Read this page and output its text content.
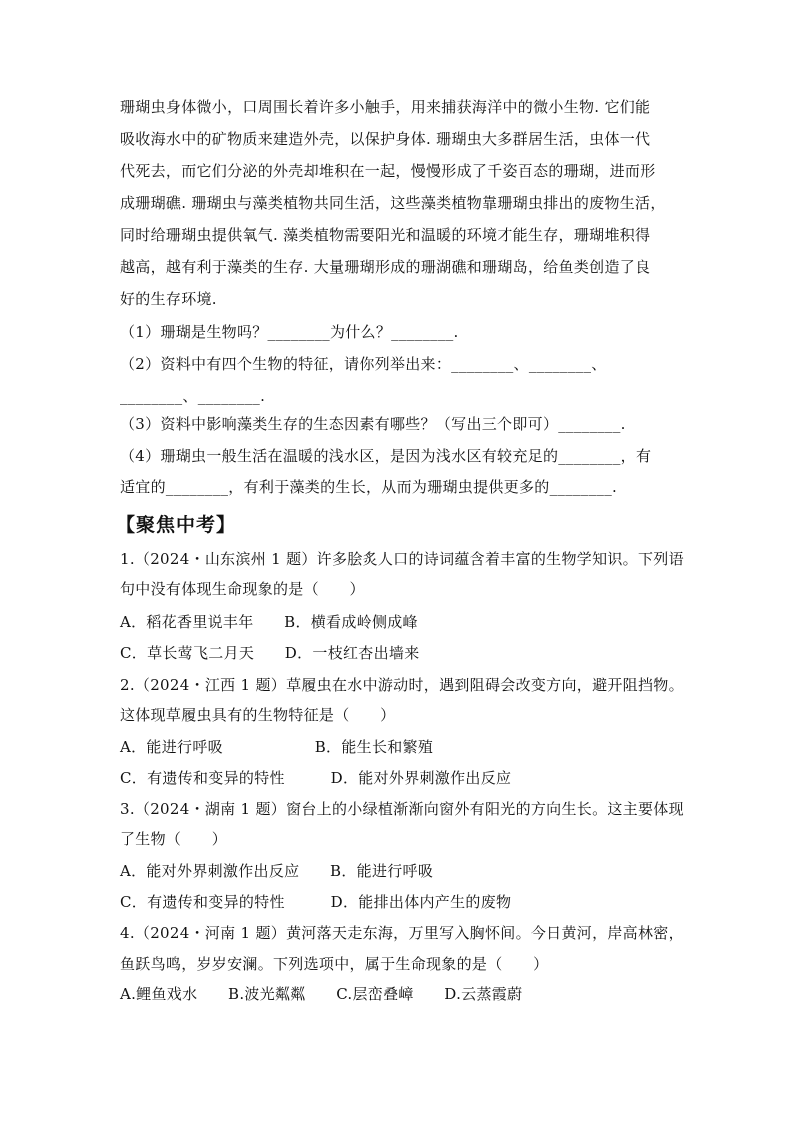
珊瑚虫身体微小，口周围长着许多小触手，用来捕获海洋中的微小生物. 它们能
吸收海水中的矿物质来建造外壳，以保护身体. 珊瑚虫大多群居生活，虫体一代
代死去，而它们分泌的外壳却堆积在一起，慢慢形成了千姿百态的珊瑚，进而形
成珊瑚礁. 珊瑚虫与藻类植物共同生活，这些藻类植物靠珊瑚虫排出的废物生活，
同时给珊瑚虫提供氧气. 藻类植物需要阳光和温暖的环境才能生存，珊瑚堆积得
越高，越有利于藻类的生存. 大量珊瑚形成的珊湖礁和珊瑚岛，给鱼类创造了良
好的生存环境.
（1）珊瑚是生物吗？________为什么？________.
（2）资料中有四个生物的特征，请你列举出来：________、________、
________、________.
（3）资料中影响藻类生存的生态因素有哪些？（写出三个即可）________.
（4）珊瑚虫一般生活在温暖的浅水区，是因为浅水区有较充足的________，有
适宜的________，有利于藻类的生长，从而为珊瑚虫提供更多的________.
【聚焦中考】
1.（2024・山东滨州 1 题）许多脍炙人口的诗词蕴含着丰富的生物学知识。下列语
句中没有体现生命现象的是（　　）
A．稻花香里说丰年　　B．横看成岭侧成峰
C．草长莺飞二月天　　D．一枝红杏出墙来
2.（2024・江西 1 题）草履虫在水中游动时，遇到阻碍会改变方向，避开阻挡物。
这体现草履虫具有的生物特征是（　　）
A．能进行呼吸　　　　　　B．能生长和繁殖
C．有遗传和变异的特性　　　D．能对外界刺激作出反应
3.（2024・湖南 1 题）窗台上的小绿植渐渐向窗外有阳光的方向生长。这主要体现
了生物（　　）
A．能对外界刺激作出反应　　B．能进行呼吸
C．有遗传和变异的特性　　　D．能排出体内产生的废物
4.（2024・河南 1 题）黄河落天走东海，万里写入胸怀间。今日黄河，岸高林密，
鱼跃鸟鸣，岁岁安澜。下列选项中，属于生命现象的是（　　）
A.鲤鱼戏水　　B.波光粼粼　　C.层峦叠嶂　　D.云蒸霞蔚
